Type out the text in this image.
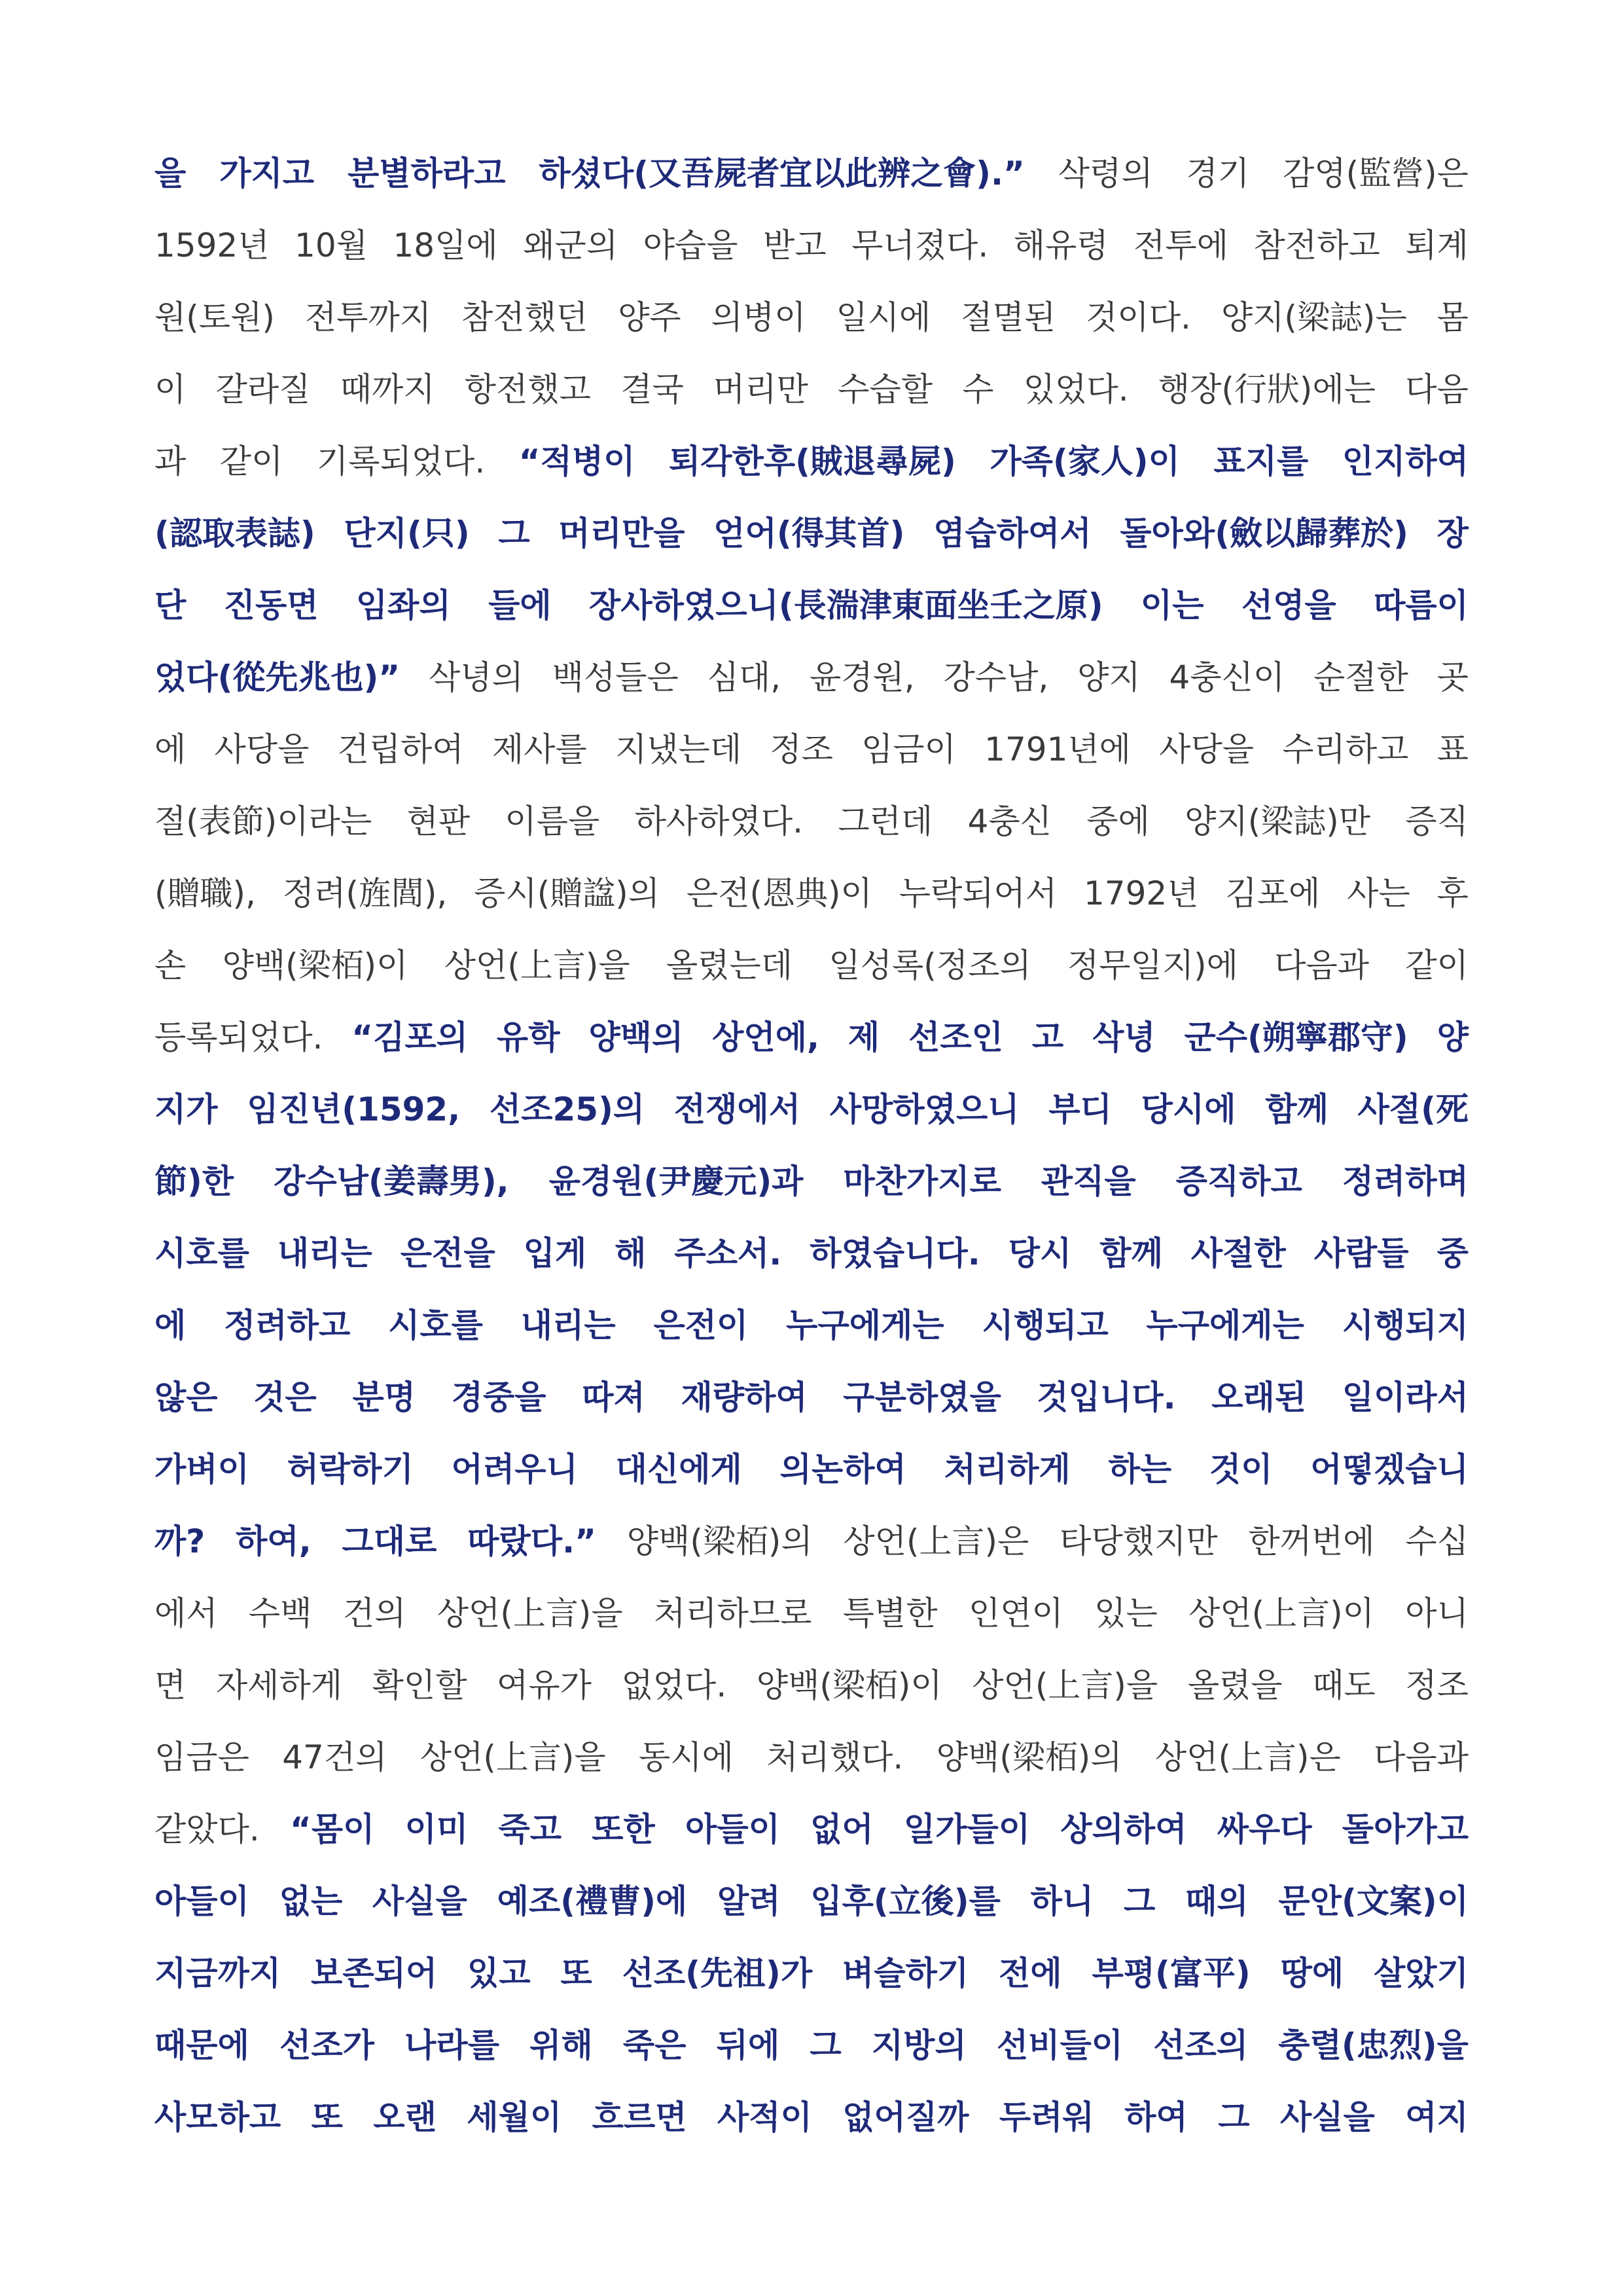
을 가지고 분별하라고 하셨다(又吾屍者宜以此辨之會).” 삭령의 경기 감영(監營)은
1592년 10월 18일에 왜군의 야습을 받고 무너졌다. 해유령 전투에 참전하고 퇴계
원(토원) 전투까지 참전했던 양주 의병이 일시에 절멸된 것이다. 양지(梁誌)는 몸
이 갈라질 때까지 항전했고 결국 머리만 수습할 수 있었다. 행장(行狀)에는 다음
과 같이 기록되었다. “적병이 퇴각한후(賊退尋屍) 가족(家人)이 표지를 인지하여
(認取表誌) 단지(只) 그 머리만을 얻어(得其首) 염습하여서 돌아와(斂以歸葬於) 장
단 진동면 임좌의 들에 장사하였으니(長湍津東面坐壬之原) 이는 선영을 따름이
었다(從先兆也)” 삭녕의 백성들은 심대, 윤경원, 강수남, 양지 4충신이 순절한 곳
에 사당을 건립하여 제사를 지냈는데 정조 임금이 1791년에 사당을 수리하고 표
절(表節)이라는 현판 이름을 하사하였다. 그런데 4충신 중에 양지(梁誌)만 증직
(贈職), 정려(旌閭), 증시(贈諡)의 은전(恩典)이 누락되어서 1792년 김포에 사는 후
손 양백(梁栢)이 상언(上言)을 올렸는데 일성록(정조의 정무일지)에 다음과 같이
등록되었다. “김포의 유학 양백의 상언에, 제 선조인 고 삭녕 군수(朔寧郡守) 양
지가 임진년(1592, 선조25)의 전쟁에서 사망하였으니 부디 당시에 함께 사절(死
節)한 강수남(姜壽男), 윤경원(尹慶元)과 마찬가지로 관직을 증직하고 정려하며
시호를 내리는 은전을 입게 해 주소서. 하였습니다. 당시 함께 사절한 사람들 중
에 정려하고 시호를 내리는 은전이 누구에게는 시행되고 누구에게는 시행되지
않은 것은 분명 경중을 따져 재량하여 구분하였을 것입니다. 오래된 일이라서
가벼이 허락하기 어려우니 대신에게 의논하여 처리하게 하는 것이 어떻겠습니
까? 하여, 그대로 따랐다.” 양백(梁栢)의 상언(上言)은 타당했지만 한꺼번에 수십
에서 수백 건의 상언(上言)을 처리하므로 특별한 인연이 있는 상언(上言)이 아니
면 자세하게 확인할 여유가 없었다. 양백(梁栢)이 상언(上言)을 올렸을 때도 정조
임금은 47건의 상언(上言)을 동시에 처리했다. 양백(梁栢)의 상언(上言)은 다음과
같았다. “몸이 이미 죽고 또한 아들이 없어 일가들이 상의하여 싸우다 돌아가고
아들이 없는 사실을 예조(禮曹)에 알려 입후(立後)를 하니 그 때의 문안(文案)이
지금까지 보존되어 있고 또 선조(先祖)가 벼슬하기 전에 부평(富平) 땅에 살았기
때문에 선조가 나라를 위해 죽은 뒤에 그 지방의 선비들이 선조의 충렬(忠烈)을
사모하고 또 오랜 세월이 흐르면 사적이 없어질까 두려워 하여 그 사실을 여지
